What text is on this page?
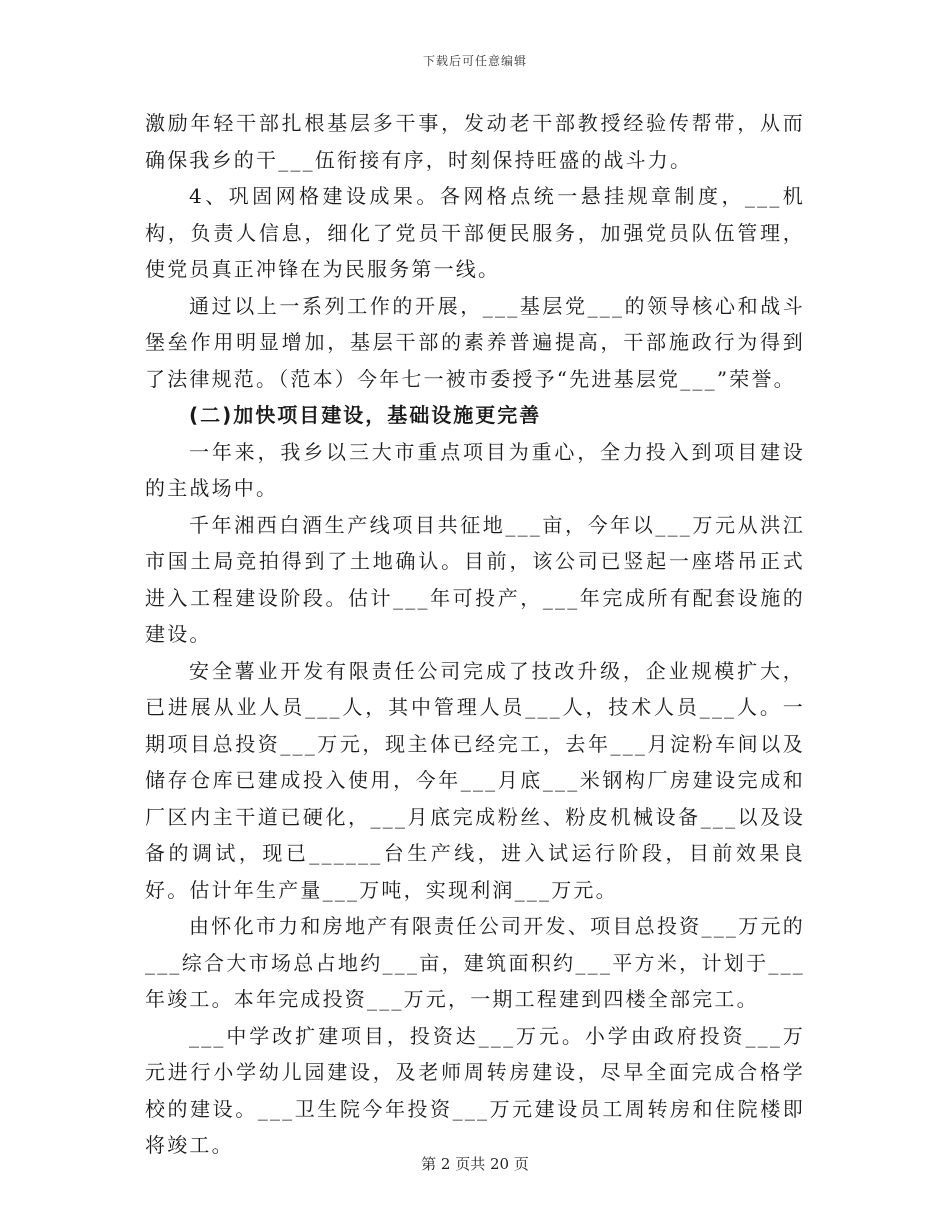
下载后可任意编辑

激励年轻干部扎根基层多干事，发动老干部教授经验传帮带，从而确保我乡的干___伍衔接有序，时刻保持旺盛的战斗力。

4、巩固网格建设成果。各网格点统一悬挂规章制度，___机构，负责人信息，细化了党员干部便民服务，加强党员队伍管理，使党员真正冲锋在为民服务第一线。

通过以上一系列工作的开展，___基层党___的领导核心和战斗堡垒作用明显增加，基层干部的素养普遍提高，干部施政行为得到了法律规范。（范本）今年七一被市委授予“先进基层党___”荣誉。

(二)加快项目建设，基础设施更完善

一年来，我乡以三大市重点项目为重心，全力投入到项目建设的主战场中。

千年湘西白酒生产线项目共征地___亩，今年以___万元从洪江市国土局竞拍得到了土地确认。目前，该公司已竖起一座塔吊正式进入工程建设阶段。估计___年可投产，___年完成所有配套设施的建设。

安全薯业开发有限责任公司完成了技改升级，企业规模扩大，已进展从业人员___人，其中管理人员___人，技术人员___人。一期项目总投资___万元，现主体已经完工，去年___月淀粉车间以及储存仓库已建成投入使用，今年___月底___米钢构厂房建设完成和厂区内主干道已硬化，___月底完成粉丝、粉皮机械设备___以及设备的调试，现已______台生产线，进入试运行阶段，目前效果良好。估计年生产量___万吨，实现利润___万元。

由怀化市力和房地产有限责任公司开发、项目总投资___万元的___综合大市场总占地约___亩，建筑面积约___平方米，计划于___年竣工。本年完成投资___万元，一期工程建到四楼全部完工。

___中学改扩建项目，投资达___万元。小学由政府投资___万元进行小学幼儿园建设，及老师周转房建设，尽早全面完成合格学校的建设。___卫生院今年投资___万元建设员工周转房和住院楼即将竣工。

第 2 页共 20 页
